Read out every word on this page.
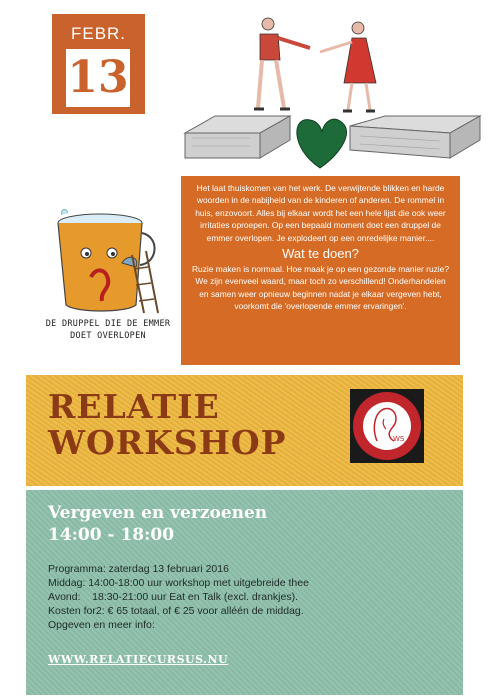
FEBR.
13
DE DRUPPEL DIE DE EMMER
DOET OVERLOPEN

Het laat thuiskomen van het werk. De verwijtende blikken en harde woorden in de nabijheid van de kinderen of anderen. De rommel in huis, enzovoort. Alles bij elkaar wordt het een hele lijst die ook weer irritaties oproepen. Op een bepaald moment doet een druppel de emmer overlopen. Je explodeert op een onredelijke manier....

Wat te doen?

Ruzie maken is normaal. Hoe maak je op een gezonde manier ruzie? We zijn evenveel waard, maar toch zo verschillend! Onderhandelen en samen weer opnieuw beginnen nadat je elkaar vergeven hebt, voorkomt die 'overlopende emmer ervaringen'.

RELATIE
WORKSHOP	WS
Vergeven en verzoenen
14:00 - 18:00
Programma: zaterdag 13 februari 2016
Middag: 14:00-18:00 uur workshop met uitgebreide thee
Avond:    18:30-21:00 uur Eat en Talk (excl. drankjes).
Kosten for2: € 65 totaal, of € 25 voor alléén de middag.
Opgeven en meer info:
WWW.RELATIECURSUS.NU
